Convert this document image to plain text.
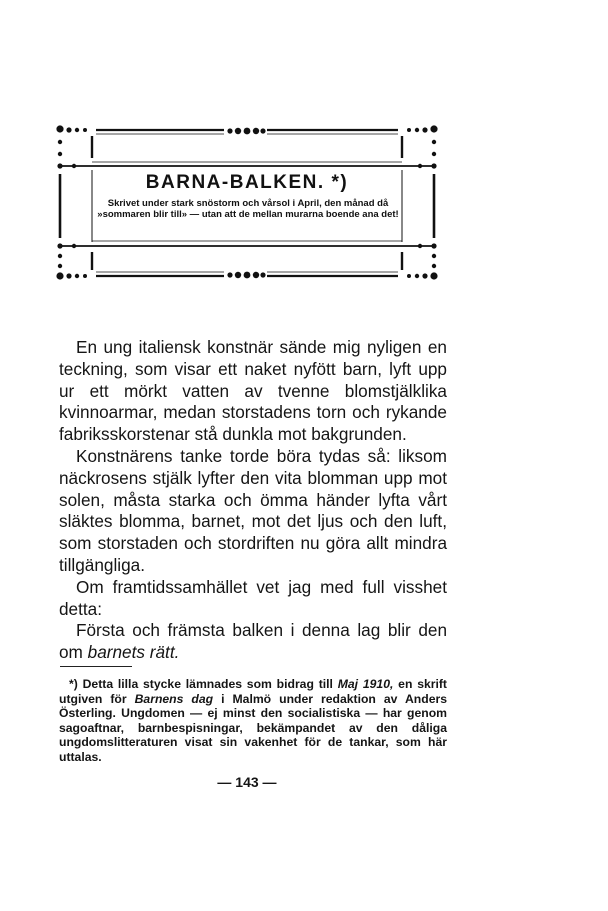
BARNA-BALKEN. *)
Skrivet under stark snöstorm och vårsol i April, den månad då »sommaren blir till» — utan att de mellan murarna boende ana det!

En ung italiensk konstnär sände mig nyligen en teckning, som visar ett naket nyfött barn, lyft upp ur ett mörkt vatten av tvenne blomstjälklika kvinnoarmar, medan storstadens torn och rykande fabriksskorstenar stå dunkla mot bakgrunden.

Konstnärens tanke torde böra tydas så: liksom näckrosens stjälk lyfter den vita blomman upp mot solen, måsta starka och ömma händer lyfta vårt släktes blomma, barnet, mot det ljus och den luft, som storstaden och stordriften nu göra allt mindra tillgängliga.

Om framtidssamhället vet jag med full visshet detta:

Första och främsta balken i denna lag blir den om barnets rätt.

*) Detta lilla stycke lämnades som bidrag till Maj 1910, en skrift utgiven för Barnens dag i Malmö under redaktion av Anders Österling. Ungdomen — ej minst den socialistiska — har genom sagoaftnar, barnbespisningar, bekämpandet av den dåliga ungdomslitteraturen visat sin vakenhet för de tankar, som här uttalas.
— 143 —
